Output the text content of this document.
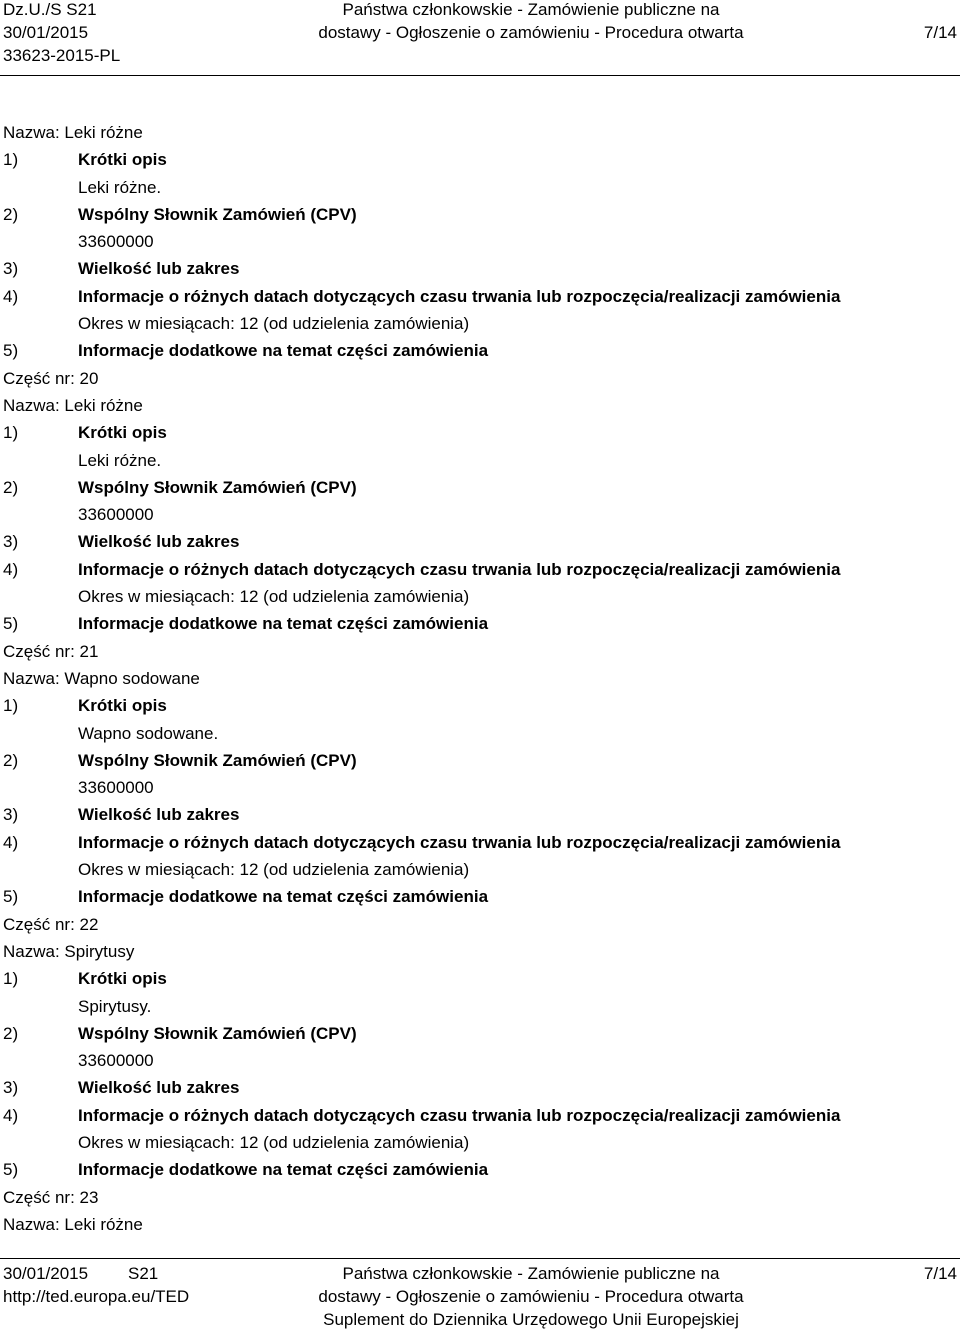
Dz.U./S S21
30/01/2015
33623-2015-PL
Państwa członkowskie - Zamówienie publiczne na
dostawy - Ogłoszenie o zamówieniu - Procedura otwarta	7/14
Nazwa: Leki różne
1)	Krótki opis
Leki różne.
2)	Wspólny Słownik Zamówień (CPV)
33600000
3)	Wielkość lub zakres
4)	Informacje o różnych datach dotyczących czasu trwania lub rozpoczęcia/realizacji zamówienia
Okres w miesiącach: 12 (od udzielenia zamówienia)
5)	Informacje dodatkowe na temat części zamówienia
Część nr: 20
Nazwa: Leki różne
1)	Krótki opis
Leki różne.
2)	Wspólny Słownik Zamówień (CPV)
33600000
3)	Wielkość lub zakres
4)	Informacje o różnych datach dotyczących czasu trwania lub rozpoczęcia/realizacji zamówienia
Okres w miesiącach: 12 (od udzielenia zamówienia)
5)	Informacje dodatkowe na temat części zamówienia
Część nr: 21
Nazwa: Wapno sodowane
1)	Krótki opis
Wapno sodowane.
2)	Wspólny Słownik Zamówień (CPV)
33600000
3)	Wielkość lub zakres
4)	Informacje o różnych datach dotyczących czasu trwania lub rozpoczęcia/realizacji zamówienia
Okres w miesiącach: 12 (od udzielenia zamówienia)
5)	Informacje dodatkowe na temat części zamówienia
Część nr: 22
Nazwa: Spirytusy
1)	Krótki opis
Spirytusy.
2)	Wspólny Słownik Zamówień (CPV)
33600000
3)	Wielkość lub zakres
4)	Informacje o różnych datach dotyczących czasu trwania lub rozpoczęcia/realizacji zamówienia
Okres w miesiącach: 12 (od udzielenia zamówienia)
5)	Informacje dodatkowe na temat części zamówienia
Część nr: 23
Nazwa: Leki różne
30/01/2015 S21
http://ted.europa.eu/TED
Państwa członkowskie - Zamówienie publiczne na
dostawy - Ogłoszenie o zamówieniu - Procedura otwarta
Suplement do Dziennika Urzędowego Unii Europejskiej
7/14
